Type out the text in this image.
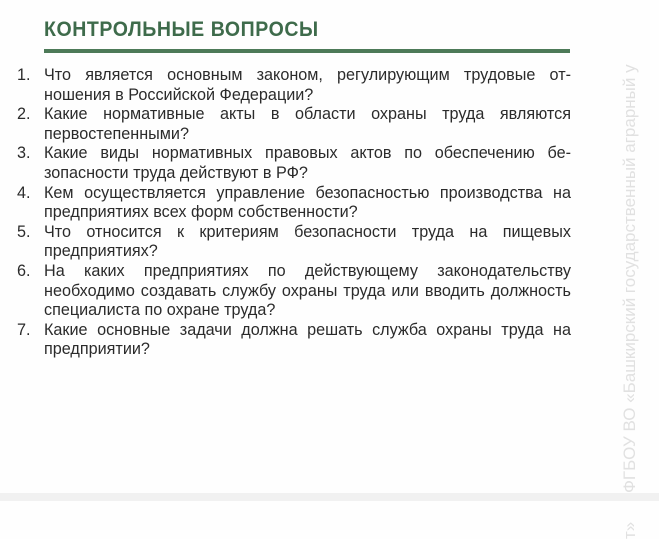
КОНТРОЛЬНЫЕ ВОПРОСЫ
1. Что является основным законом, регулирующим трудовые отношения в Российской Федерации?
2. Какие нормативные акты в области охраны труда являются первостепенными?
3. Какие виды нормативных правовых актов по обеспечению безопасности труда действуют в РФ?
4. Кем осуществляется управление безопасностью производства на предприятиях всех форм собственности?
5. Что относится к критериям безопасности труда на пищевых предприятиях?
6. На каких предприятиях по действующему законодательству необходимо создавать службу охраны труда или вводить должность специалиста по охране труда?
7. Какие основные задачи должна решать служба охраны труда на предприятии?	ФГБОУ ВО «Башкирский государственный аграрный у
т»
